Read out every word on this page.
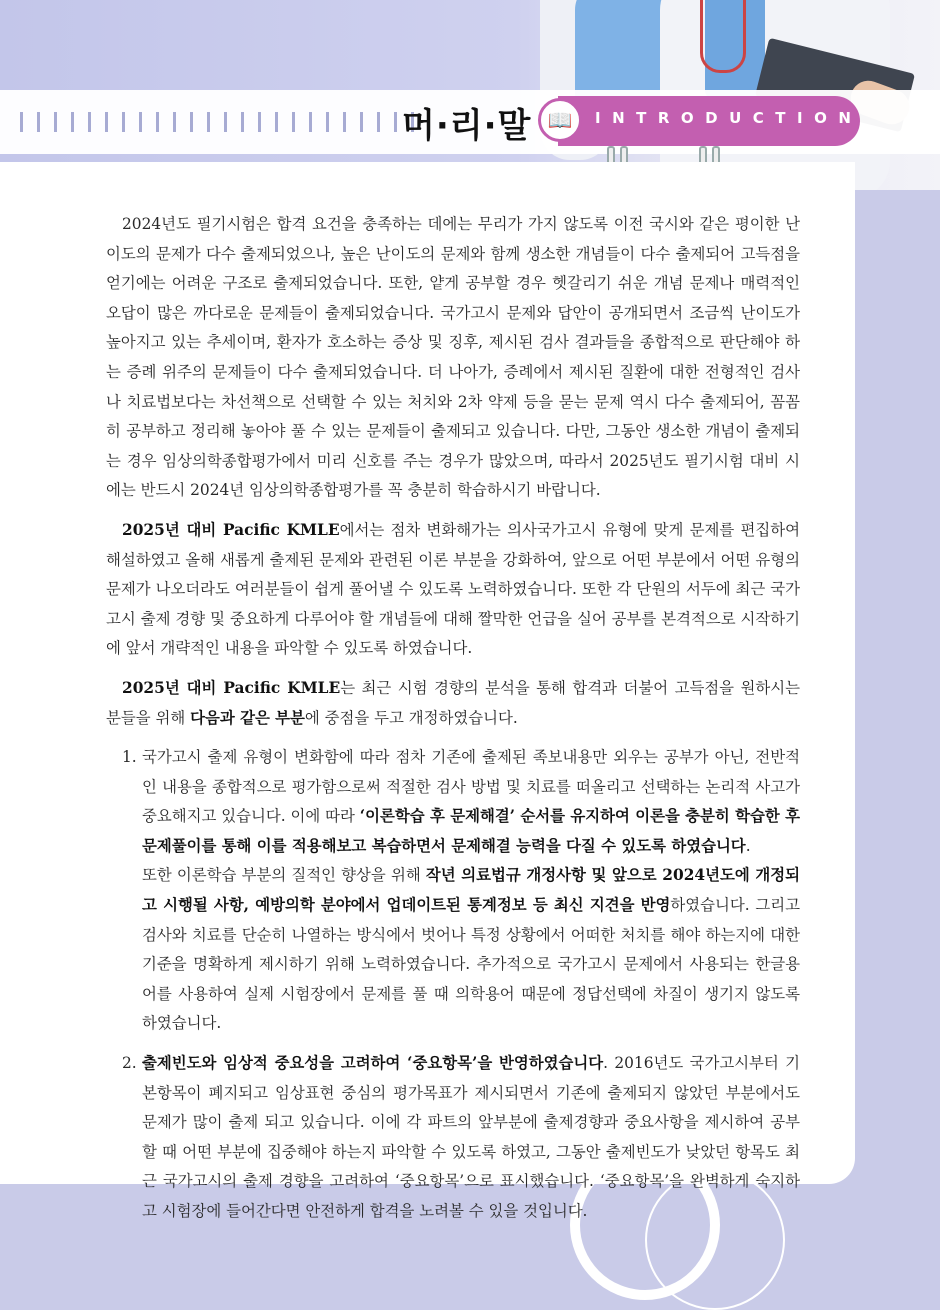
머·리·말 📖	INTRODUCTION

2024년도 필기시험은 합격 요건을 충족하는 데에는 무리가 가지 않도록 이전 국시와 같은 평이한 난이도의 문제가 다수 출제되었으나, 높은 난이도의 문제와 함께 생소한 개념들이 다수 출제되어 고득점을 얻기에는 어려운 구조로 출제되었습니다. 또한, 얕게 공부할 경우 헷갈리기 쉬운 개념 문제나 매력적인 오답이 많은 까다로운 문제들이 출제되었습니다. 국가고시 문제와 답안이 공개되면서 조금씩 난이도가 높아지고 있는 추세이며, 환자가 호소하는 증상 및 징후, 제시된 검사 결과들을 종합적으로 판단해야 하는 증례 위주의 문제들이 다수 출제되었습니다. 더 나아가, 증례에서 제시된 질환에 대한 전형적인 검사나 치료법보다는 차선책으로 선택할 수 있는 처치와 2차 약제 등을 묻는 문제 역시 다수 출제되어, 꼼꼼히 공부하고 정리해 놓아야 풀 수 있는 문제들이 출제되고 있습니다. 다만, 그동안 생소한 개념이 출제되는 경우 임상의학종합평가에서 미리 신호를 주는 경우가 많았으며, 따라서 2025년도 필기시험 대비 시에는 반드시 2024년 임상의학종합평가를 꼭 충분히 학습하시기 바랍니다.

2025년 대비 Pacific KMLE에서는 점차 변화해가는 의사국가고시 유형에 맞게 문제를 편집하여 해설하였고 올해 새롭게 출제된 문제와 관련된 이론 부분을 강화하여, 앞으로 어떤 부분에서 어떤 유형의 문제가 나오더라도 여러분들이 쉽게 풀어낼 수 있도록 노력하였습니다. 또한 각 단원의 서두에 최근 국가고시 출제 경향 및 중요하게 다루어야 할 개념들에 대해 짤막한 언급을 실어 공부를 본격적으로 시작하기에 앞서 개략적인 내용을 파악할 수 있도록 하였습니다.

2025년 대비 Pacific KMLE는 최근 시험 경향의 분석을 통해 합격과 더불어 고득점을 원하시는 분들을 위해 다음과 같은 부분에 중점을 두고 개정하였습니다.

1. 국가고시 출제 유형이 변화함에 따라 점차 기존에 출제된 족보내용만 외우는 공부가 아닌, 전반적인 내용을 종합적으로 평가함으로써 적절한 검사 방법 및 치료를 떠올리고 선택하는 논리적 사고가 중요해지고 있습니다. 이에 따라 ‘이론학습 후 문제해결’ 순서를 유지하여 이론을 충분히 학습한 후 문제풀이를 통해 이를 적용해보고 복습하면서 문제해결 능력을 다질 수 있도록 하였습니다.
또한 이론학습 부분의 질적인 향상을 위해 작년 의료법규 개정사항 및 앞으로 2024년도에 개정되고 시행될 사항, 예방의학 분야에서 업데이트된 통계정보 등 최신 지견을 반영하였습니다. 그리고 검사와 치료를 단순히 나열하는 방식에서 벗어나 특정 상황에서 어떠한 처치를 해야 하는지에 대한 기준을 명확하게 제시하기 위해 노력하였습니다. 추가적으로 국가고시 문제에서 사용되는 한글용어를 사용하여 실제 시험장에서 문제를 풀 때 의학용어 때문에 정답선택에 차질이 생기지 않도록 하였습니다.
2. 출제빈도와 임상적 중요성을 고려하여 ‘중요항목’을 반영하였습니다. 2016년도 국가고시부터 기본항목이 폐지되고 임상표현 중심의 평가목표가 제시되면서 기존에 출제되지 않았던 부분에서도 문제가 많이 출제 되고 있습니다. 이에 각 파트의 앞부분에 출제경향과 중요사항을 제시하여 공부할 때 어떤 부분에 집중해야 하는지 파악할 수 있도록 하였고, 그동안 출제빈도가 낮았던 항목도 최근 국가고시의 출제 경향을 고려하여 ‘중요항목’으로 표시했습니다. ‘중요항목’을 완벽하게 숙지하고 시험장에 들어간다면 안전하게 합격을 노려볼 수 있을 것입니다.
